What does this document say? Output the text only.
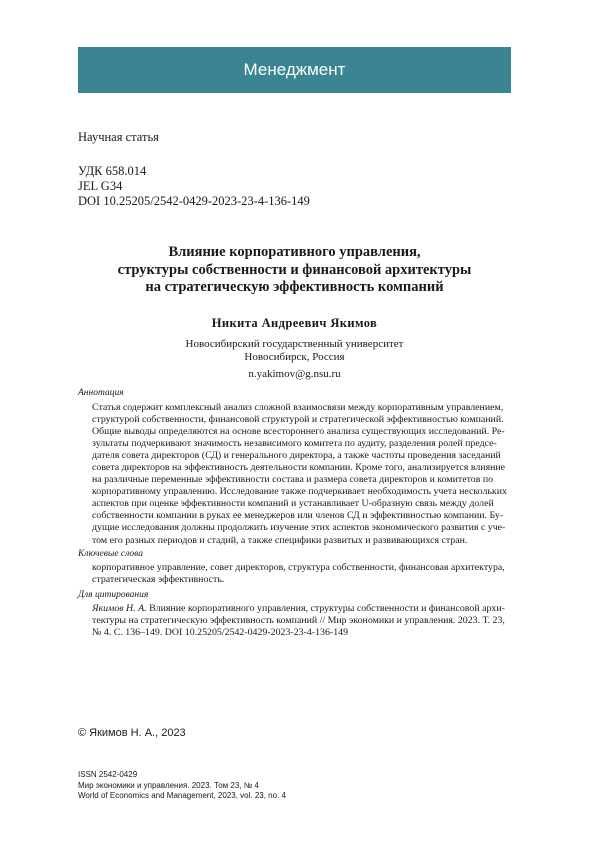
Менеджмент
Научная статья
УДК 658.014
JEL G34
DOI 10.25205/2542-0429-2023-23-4-136-149
Влияние корпоративного управления,
структуры собственности и финансовой архитектуры
на стратегическую эффективность компаний
Никита Андреевич Якимов
Новосибирский государственный университет
Новосибирск, Россия
n.yakimov@g.nsu.ru
Аннотация
Статья содержит комплексный анализ сложной взаимосвязи между корпоративным управлением,
структурой собственности, финансовой структурой и стратегической эффективностью компаний.
Общие выводы определяются на основе всестороннего анализа существующих исследований. Ре-
зультаты подчеркивают значимость независимого комитета по аудиту, разделения ролей предсе-
дателя совета директоров (СД) и генерального директора, а также частоты проведения заседаний
совета директоров на эффективность деятельности компании. Кроме того, анализируется влияние
на различные переменные эффективности состава и размера совета директоров и комитетов по
корпоративному управлению. Исследование также подчеркивает необходимость учета нескольких
аспектов при оценке эффективности компаний и устанавливает U-образную связь между долей
собственности компании в руках ее менеджеров или членов СД и эффективностью компании. Бу-
дущие исследования должны продолжить изучение этих аспектов экономического развития с уче-
том его разных периодов и стадий, а также специфики развитых и развивающихся стран.
Ключевые слова
корпоративное управление, совет директоров, структура собственности, финансовая архитектура,
стратегическая эффективность.
Для цитирования
Якимов Н. А. Влияние корпоративного управления, структуры собственности и финансовой архи-
тектуры на стратегическую эффективность компаний // Мир экономики и управления. 2023. Т. 23,
№ 4. С. 136–149. DOI 10.25205/2542-0429-2023-23-4-136-149
© Якимов Н. А., 2023
ISSN 2542-0429
Мир экономики и управления. 2023. Том 23, № 4
World of Economics and Management, 2023, vol. 23, no. 4
